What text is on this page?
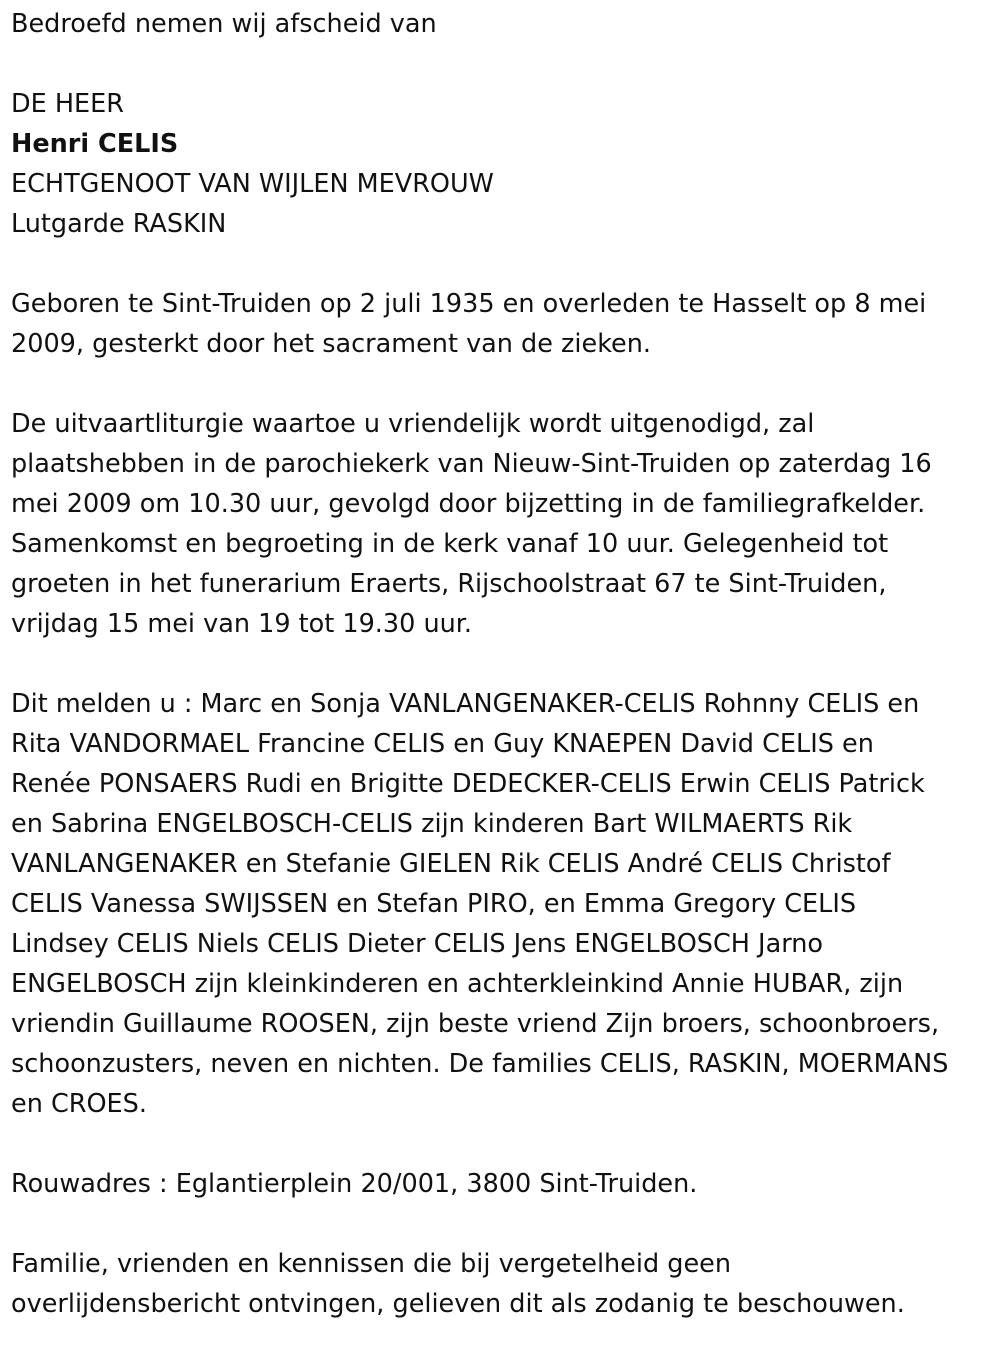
Bedroefd nemen wij afscheid van
DE HEER
Henri CELIS
ECHTGENOOT VAN WIJLEN MEVROUW
Lutgarde RASKIN
Geboren te Sint-Truiden op 2 juli 1935 en overleden te Hasselt op 8 mei
2009, gesterkt door het sacrament van de zieken.
De uitvaartliturgie waartoe u vriendelijk wordt uitgenodigd, zal
plaatshebben in de parochiekerk van Nieuw-Sint-Truiden op zaterdag 16
mei 2009 om 10.30 uur, gevolgd door bijzetting in de familiegrafkelder.
Samenkomst en begroeting in de kerk vanaf 10 uur. Gelegenheid tot
groeten in het funerarium Eraerts, Rijschoolstraat 67 te Sint-Truiden,
vrijdag 15 mei van 19 tot 19.30 uur.
Dit melden u : Marc en Sonja VANLANGENAKER-CELIS Rohnny CELIS en
Rita VANDORMAEL Francine CELIS en Guy KNAEPEN David CELIS en
Renée PONSAERS Rudi en Brigitte DEDECKER-CELIS Erwin CELIS Patrick
en Sabrina ENGELBOSCH-CELIS zijn kinderen Bart WILMAERTS Rik
VANLANGENAKER en Stefanie GIELEN Rik CELIS André CELIS Christof
CELIS Vanessa SWIJSSEN en Stefan PIRO, en Emma Gregory CELIS
Lindsey CELIS Niels CELIS Dieter CELIS Jens ENGELBOSCH Jarno
ENGELBOSCH zijn kleinkinderen en achterkleinkind Annie HUBAR, zijn
vriendin Guillaume ROOSEN, zijn beste vriend Zijn broers, schoonbroers,
schoonzusters, neven en nichten. De families CELIS, RASKIN, MOERMANS
en CROES.
Rouwadres : Eglantierplein 20/001, 3800 Sint-Truiden.
Familie, vrienden en kennissen die bij vergetelheid geen
overlijdensbericht ontvingen, gelieven dit als zodanig te beschouwen.
